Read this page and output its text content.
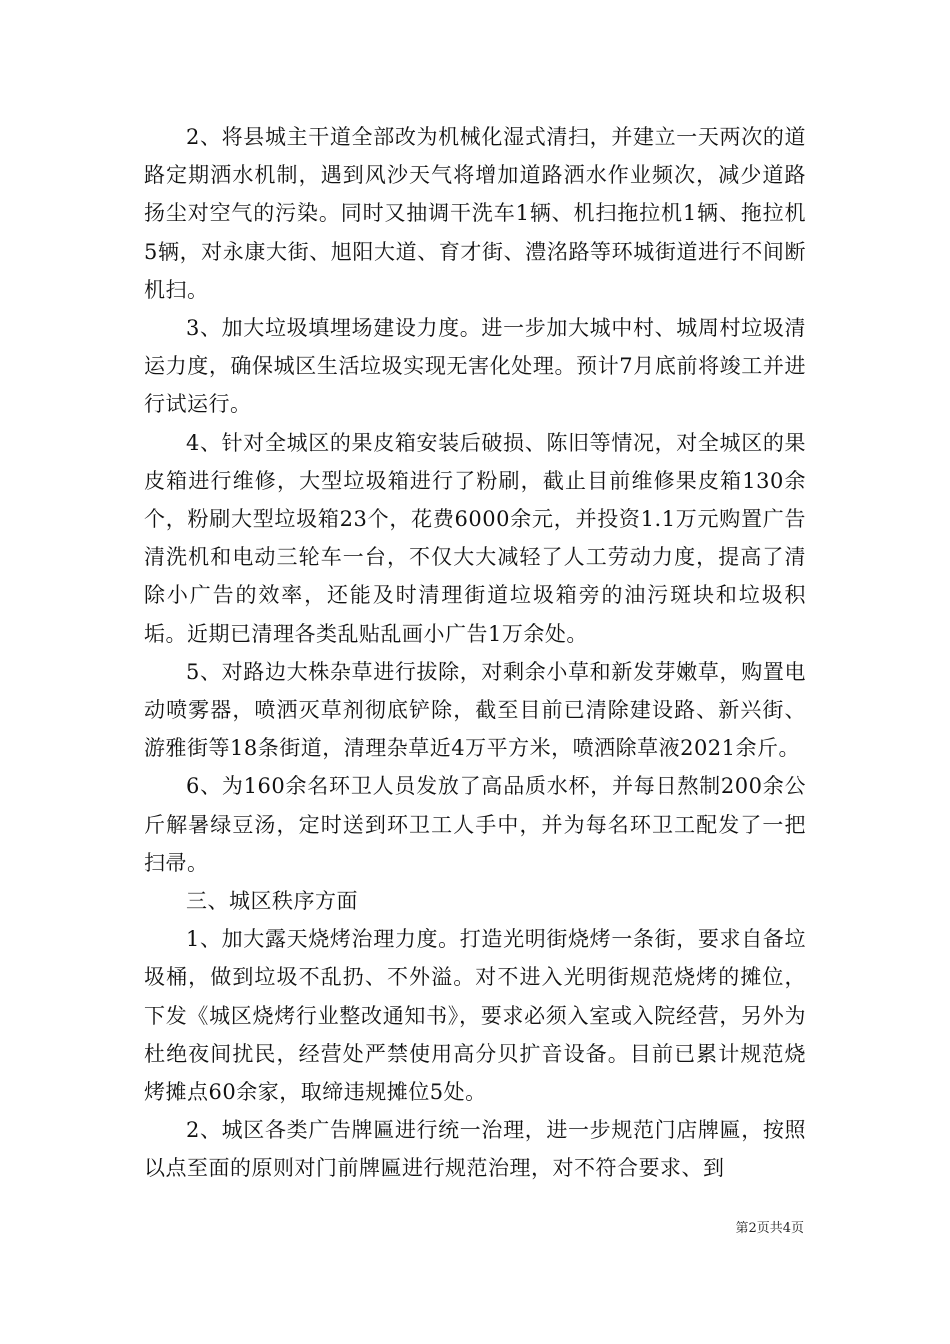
2、将县城主干道全部改为机械化湿式清扫，并建立一天两次的道路定期洒水机制，遇到风沙天气将增加道路洒水作业频次，减少道路扬尘对空气的污染。同时又抽调干洗车1辆、机扫拖拉机1辆、拖拉机5辆，对永康大街、旭阳大道、育才街、澧洺路等环城街道进行不间断机扫。

3、加大垃圾填埋场建设力度。进一步加大城中村、城周村垃圾清运力度，确保城区生活垃圾实现无害化处理。预计7月底前将竣工并进行试运行。

4、针对全城区的果皮箱安装后破损、陈旧等情况，对全城区的果皮箱进行维修，大型垃圾箱进行了粉刷，截止目前维修果皮箱130余个，粉刷大型垃圾箱23个，花费6000余元，并投资1.1万元购置广告清洗机和电动三轮车一台，不仅大大减轻了人工劳动力度，提高了清除小广告的效率，还能及时清理街道垃圾箱旁的油污斑块和垃圾积垢。近期已清理各类乱贴乱画小广告1万余处。

5、对路边大株杂草进行拔除，对剩余小草和新发芽嫩草，购置电动喷雾器，喷洒灭草剂彻底铲除，截至目前已清除建设路、新兴街、游雅街等18条街道，清理杂草近4万平方米，喷洒除草液2021余斤。

6、为160余名环卫人员发放了高品质水杯，并每日熬制200余公斤解暑绿豆汤，定时送到环卫工人手中，并为每名环卫工配发了一把扫帚。

三、城区秩序方面

1、加大露天烧烤治理力度。打造光明街烧烤一条街，要求自备垃圾桶，做到垃圾不乱扔、不外溢。对不进入光明街规范烧烤的摊位，下发《城区烧烤行业整改通知书》，要求必须入室或入院经营，另外为杜绝夜间扰民，经营处严禁使用高分贝扩音设备。目前已累计规范烧烤摊点60余家，取缔违规摊位5处。

2、城区各类广告牌匾进行统一治理，进一步规范门店牌匾，按照以点至面的原则对门前牌匾进行规范治理，对不符合要求、到

第2页共4页
